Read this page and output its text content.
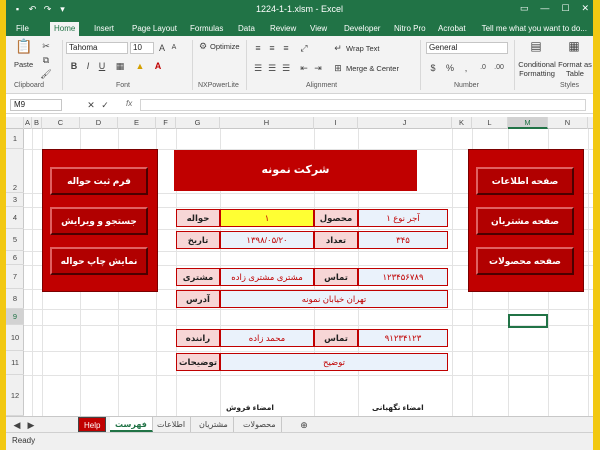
▪	↶ ↷ ▾	1224-1-1.xlsm - Excel	▭ — ☐ ✕
File	Home	Insert	Page Layout	Formulas	Data	Review	View	Developer	Nitro Pro	Acrobat	Tell me what you want to do...
📋
Paste
✂
⧉
🖌
Clipboard
Tahoma	10	A A
B	I	U	▦ ▲	A
Font
⚙ Optimize
NXPowerLite
≡ ≡ ≡	⤢
☰ ☰ ☰ ⇤ ⇥
↵ Wrap Text
⊞ Merge & Center
Alignment
General
$	%	,	.0	.00
Number
▤
Conditional Formatting
▦
Format as Table
Styles
M9	✕ ✓ fx
A B	C	D	E	F	G	H	I	J	K	L	M	N
1
2
3
4
5
6
7
8
9
10
11
12
فرم ثبت حواله
جستجو و ویرایش
نمایش چاپ حواله
صفحه اطلاعات
صفحه مشتریان
صفحه محصولات
شرکت نمونه
آجر نوع ۱
محصول
۱
حواله
۳۴۵
تعداد
۱۳۹۸/۰۵/۲۰
تاریخ
۱۲۳۴۵۶۷۸۹
تماس
مشتری مشتری زاده
مشتری
تهران خیابان نمونه
آدرس
۹۱۲۳۴۱۲۳
تماس
محمد زاده
راننده
توضیح
توضیحات
امضاء فروش	امضاء نگهبانی
◀ ▶	Help	فهرست	اطلاعات	مشتریان	محصولات	⊕
Ready
